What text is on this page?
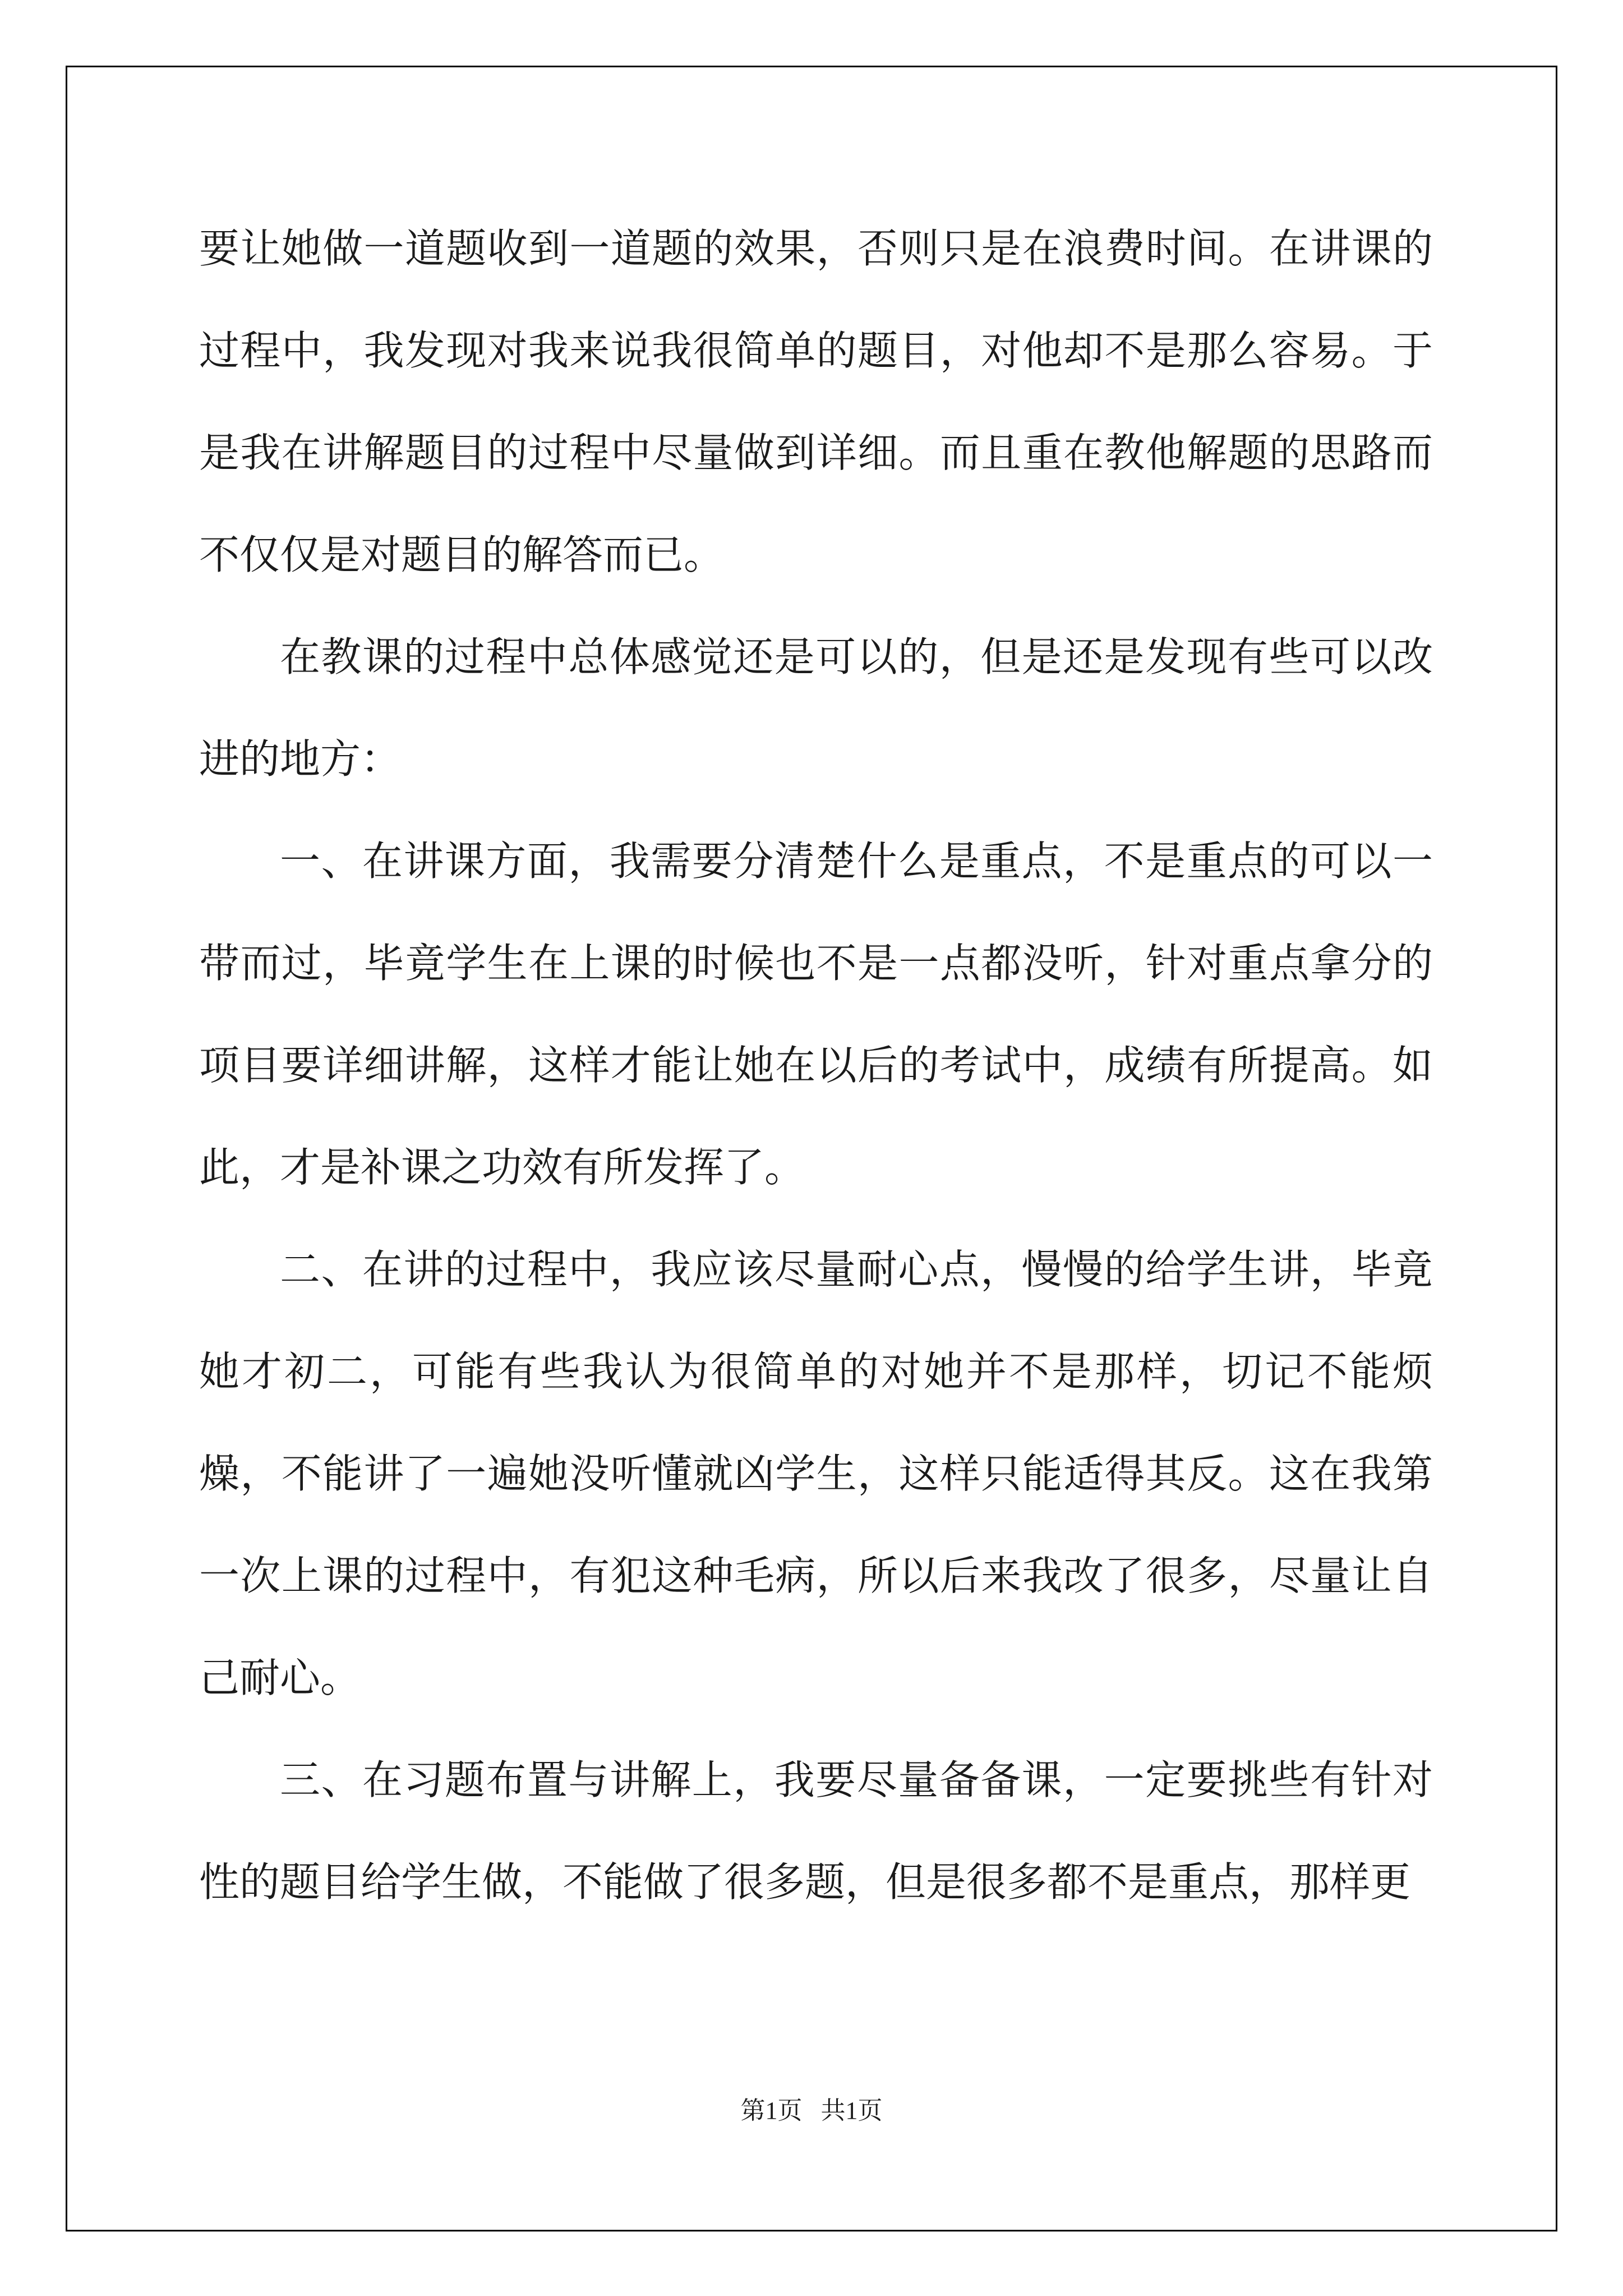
要让她做一道题收到一道题的效果，否则只是在浪费时间。在讲课的过程中，我发现对我来说我很简单的题目，对他却不是那么容易。于是我在讲解题目的过程中尽量做到详细。而且重在教他解题的思路而不仅仅是对题目的解答而已。

在教课的过程中总体感觉还是可以的，但是还是发现有些可以改进的地方：

一、在讲课方面，我需要分清楚什么是重点，不是重点的可以一带而过，毕竟学生在上课的时候也不是一点都没听，针对重点拿分的项目要详细讲解，这样才能让她在以后的考试中，成绩有所提高。如此，才是补课之功效有所发挥了。

二、在讲的过程中，我应该尽量耐心点，慢慢的给学生讲，毕竟她才初二，可能有些我认为很简单的对她并不是那样，切记不能烦燥，不能讲了一遍她没听懂就凶学生，这样只能适得其反。这在我第一次上课的过程中，有犯这种毛病，所以后来我改了很多，尽量让自己耐心。

三、在习题布置与讲解上，我要尽量备备课，一定要挑些有针对性的题目给学生做，不能做了很多题，但是很多都不是重点，那样更

第1页   共1页
